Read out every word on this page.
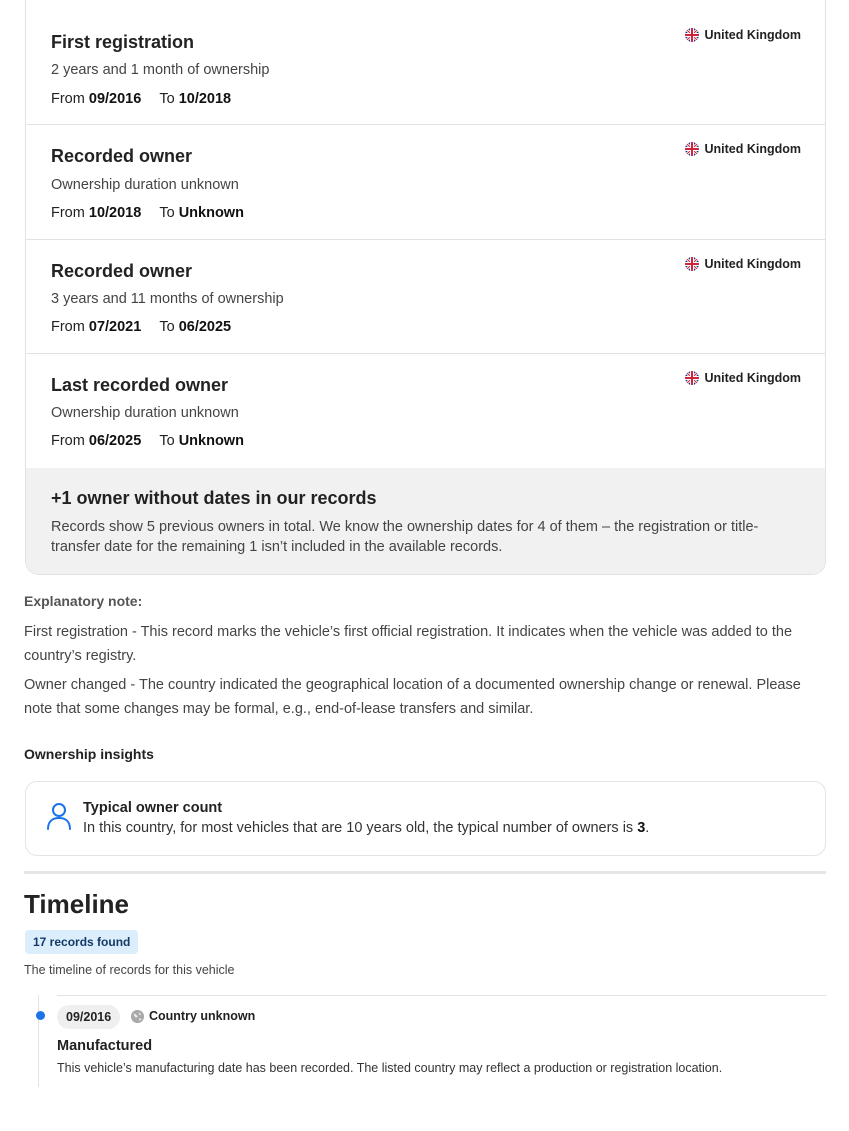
First registration
2 years and 1 month of ownership
From 09/2016 To 10/2018
United Kingdom
Recorded owner
Ownership duration unknown
From 10/2018 To Unknown
United Kingdom
Recorded owner
3 years and 11 months of ownership
From 07/2021 To 06/2025
United Kingdom
Last recorded owner
Ownership duration unknown
From 06/2025 To Unknown
United Kingdom
+1 owner without dates in our records
Records show 5 previous owners in total. We know the ownership dates for 4 of them – the registration or title-transfer date for the remaining 1 isn’t included in the available records.
Explanatory note:
First registration - This record marks the vehicle’s first official registration. It indicates when the vehicle was added to the country’s registry.
Owner changed - The country indicated the geographical location of a documented ownership change or renewal. Please note that some changes may be formal, e.g., end-of-lease transfers and similar.
Ownership insights
Typical owner count
In this country, for most vehicles that are 10 years old, the typical number of owners is 3.
Timeline
17 records found
The timeline of records for this vehicle
09/2016	Country unknown
Manufactured
This vehicle’s manufacturing date has been recorded. The listed country may reflect a production or registration location.
